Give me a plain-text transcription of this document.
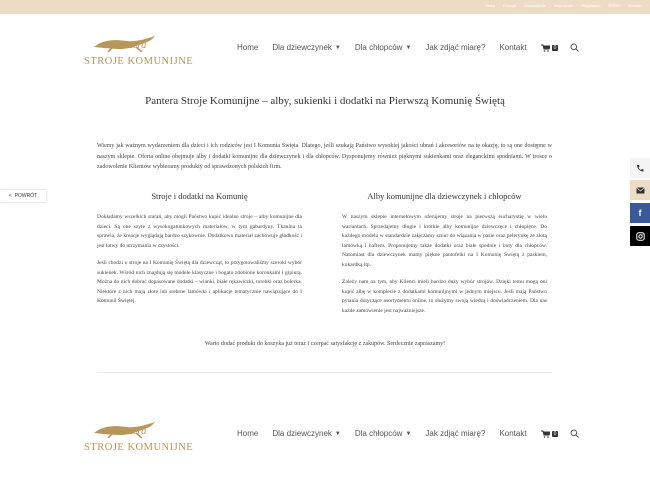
Sklep Koszyk Zamówienie Moje konto Regulamin RODO Kontakt
Pantera
STROJE KOMUNIJNE
Home Dla dziewczynek ▼ Dla chłopców ▼ Jak zdjąć miarę? Kontakt	0
Pantera Stroje Komunijne – alby, sukienki i dodatki na Pierwszą Komunię Świętą
Wiemy jak ważnym wydarzeniem dla dzieci i ich rodziców jest I Komunia Święta. Dlatego, jeśli szukają Państwo wysokiej jakości ubrań i akcesoriów na tę okazję, to są one dostępne w naszym sklepie. Oferta online obejmuje alby i dodatki komunijne dla dziewczynek i dla chłopców. Dysponujemy również pięknymi sukienkami oraz eleganckimi spodniami. W trosce o zadowolenie Klientów wybieramy produkty od sprawdzonych polskich firm.
Stroje i dodatki na Komunię

Dokładamy wszelkich starań, aby mogli Państwo kupić idealne stroje – alby komunijne dla dzieci. Są one szyte z wysokogatunkowych materiałów, w tym gabardyny. Tkanina ta sprawia, że kreacje wyglądają bardzo szykownie. Dodatkowo materiał zachowuje gładkość i jest łatwy do utrzymania w czystości.

Jeśli chodzi o stroje na I Komunię Świętą dla dziewcząt, to przygotowaliśmy szeroki wybór sukienek. Wśród nich znajdują się modele klasyczne i bogato zdobione koronkami i gipiurą. Można do nich dobrać dopasowane dodatki – wianki, białe rękawiczki, torebki oraz bolerka. Niektóre z nich mają złote lub srebrne lamówki i aplikacje tematycznie nawiązujące do I Komunii Świętej.

Alby komunijne dla dziewczynek i chłopców

W naszym sklepie internetowym oferujemy stroje na pierwszą eucharystię w wielu wariantach. Sprzedajemy długie i krótkie alby komunijne dziewczęce i chłopięce. Do każdego modelu w standardzie załączamy sznur do wiązania w pasie oraz pelerynkę ze złotą lamówką i haftem. Proponujemy także dodatki oraz białe spodnie i buty dla chłopców. Natomiast dla dziewczynek mamy piękne pantofelki na I Komunię Świętą z paskiem, kokardką itp.

Zależy nam na tym, aby Klienci mieli bardzo duży wybór strojów. Dzięki temu mogą oni kupić albę w komplecie z dodatkami komunijnymi w jednym miejscu. Jeśli mają Państwo pytania dotyczące asortymentu online, to służymy swoją wiedzą i doświadczeniem. Dla nas każde zamówienie jest najważniejsze.

Warto dodać produkt do koszyka już teraz i czerpać satysfakcję z zakupów. Serdecznie zapraszamy!
< POWRÓT
f
Pantera
STROJE KOMUNIJNE
Home Dla dziewczynek ▼ Dla chłopców ▼ Jak zdjąć miarę? Kontakt	0
